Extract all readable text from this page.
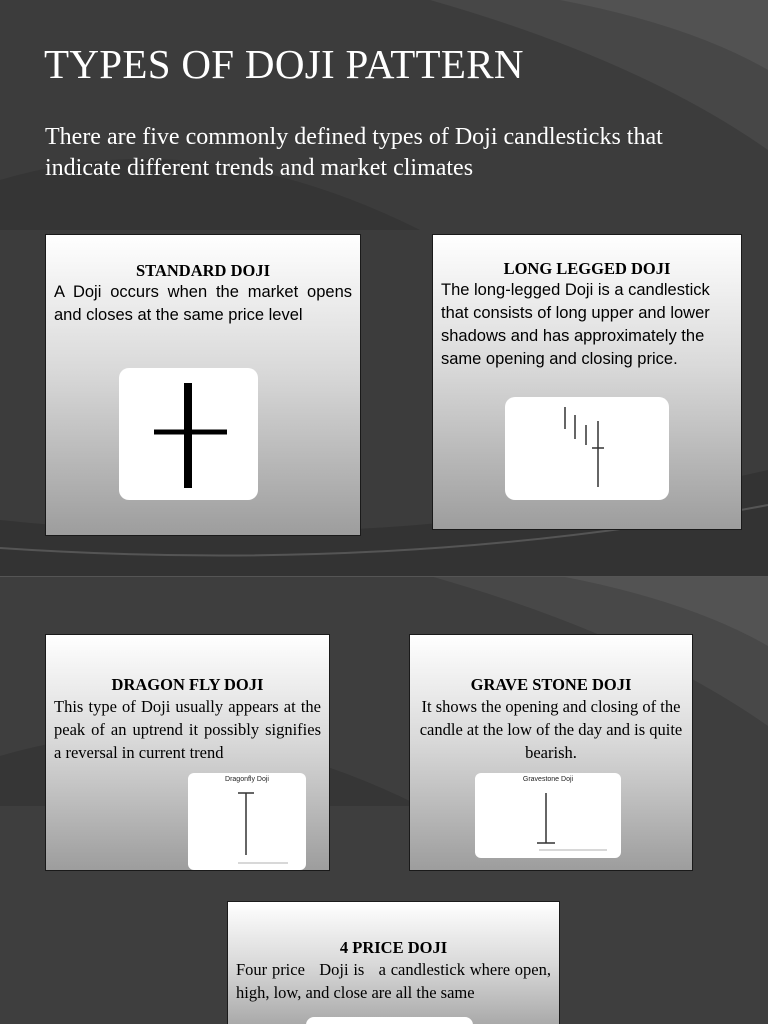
TYPES OF DOJI PATTERN

There are five commonly defined types of Doji candlesticks that indicate different trends and market climates

STANDARD DOJI

A Doji occurs when the market opens and closes at the same price level

LONG LEGGED DOJI

The long-legged Doji is a candlestick that consists of long upper and lower shadows and has approximately the same opening and closing price.

DRAGON FLY DOJI

This type of Doji usually appears at the peak of an uptrend it possibly signifies a reversal in current trend

Dragonfly Doji
GRAVE STONE DOJI

It shows the opening and closing of the candle at the low of the day and is quite bearish.

Gravestone Doji
4 PRICE DOJI

Four price   Doji is   a candlestick where open, high, low, and close are all the same
